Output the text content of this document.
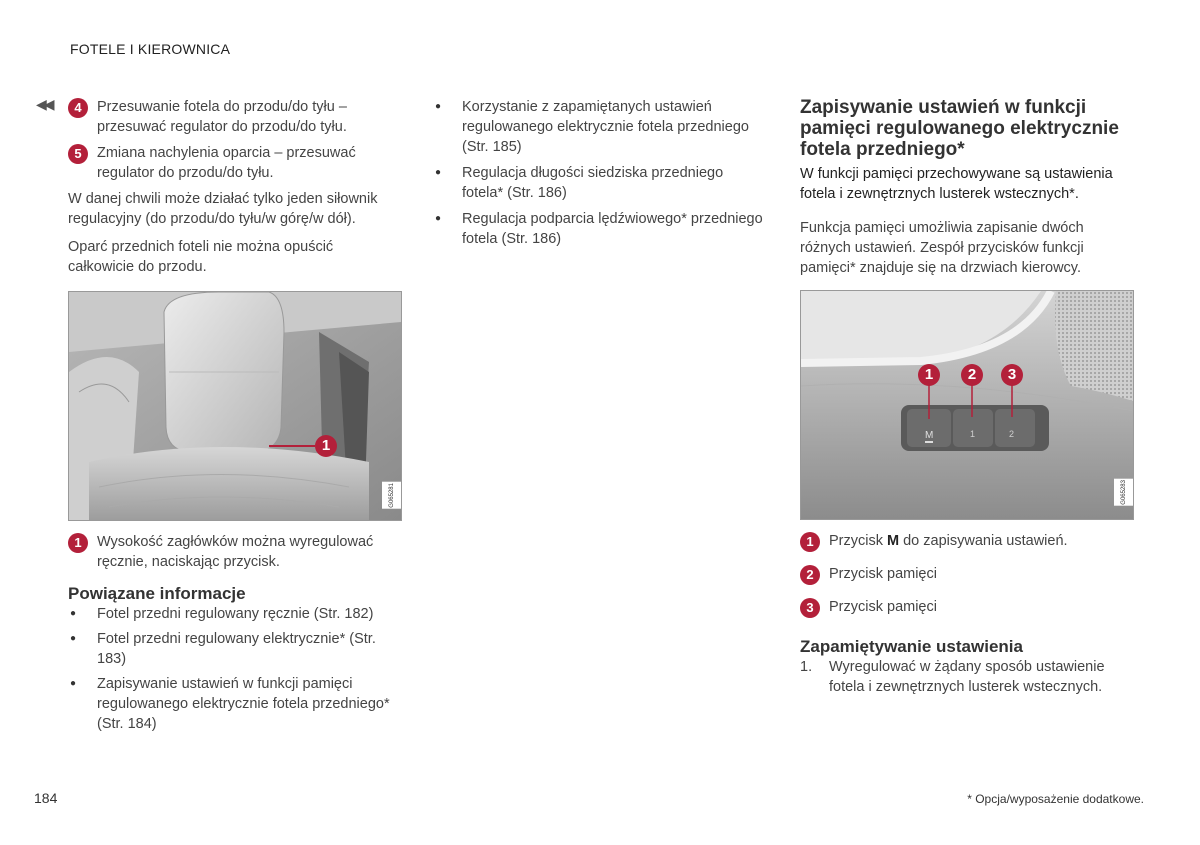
FOTELE I KIEROWNICA
◀◀	4	Przesuwanie fotela do przodu/do tyłu – przesuwać regulator do przodu/do tyłu.
5	Zmiana nachylenia oparcia – przesuwać regulator do przodu/do tyłu.

W danej chwili może działać tylko jeden siłownik regulacyjny (do przodu/do tyłu/w górę/w dół).

Oparć przednich foteli nie można opuścić całkowicie do przodu.

1
G065281
1	Wysokość zagłówków można wyregulować ręcznie, naciskając przycisk.
Powiązane informacje
● Fotel przedni regulowany ręcznie (Str. 182)
● Fotel przedni regulowany elektrycznie* (Str. 183)
● Zapisywanie ustawień w funkcji pamięci regulowanego elektrycznie fotela przedniego* (Str. 184)
● Korzystanie z zapamiętanych ustawień regulowanego elektrycznie fotela przedniego (Str. 185)
● Regulacja długości siedziska przedniego fotela* (Str. 186)
● Regulacja podparcia lędźwiowego* przedniego fotela (Str. 186)
Zapisywanie ustawień w funkcji pamięci regulowanego elektrycznie fotela przedniego*

W funkcji pamięci przechowywane są ustawienia fotela i zewnętrznych lusterek wstecznych*.

Funkcja pamięci umożliwia zapisanie dwóch różnych ustawień. Zespół przycisków funkcji pamięci* znajduje się na drzwiach kierowcy.

M	1	2
1	2	3
G065283
1	Przycisk M do zapisywania ustawień.
2	Przycisk pamięci
3	Przycisk pamięci
Zapamiętywanie ustawienia
1. Wyregulować w żądany sposób ustawienie fotela i zewnętrznych lusterek wstecznych.
184	* Opcja/wyposażenie dodatkowe.
